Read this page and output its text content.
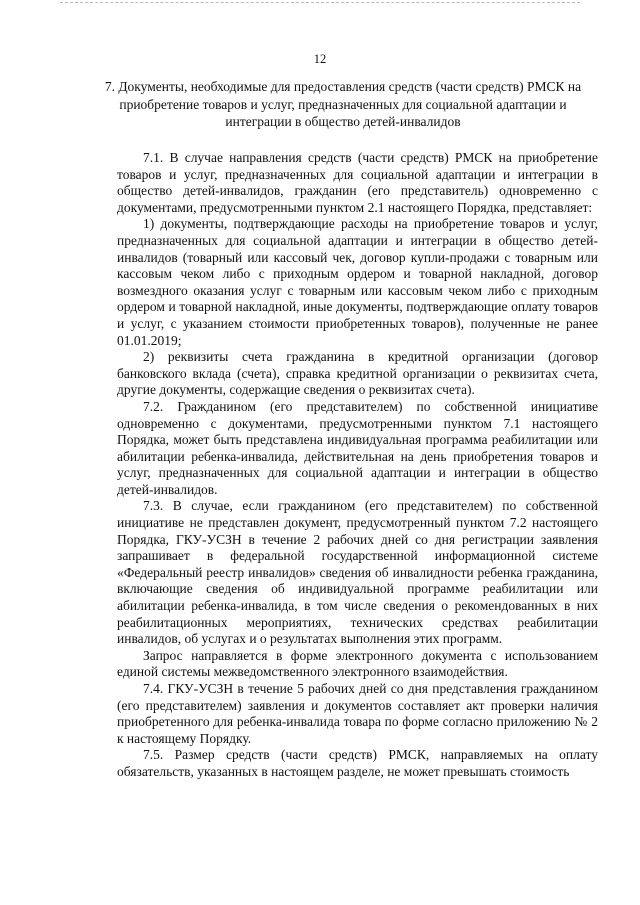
12
7. Документы, необходимые для предоставления средств (части средств) РМСК на приобретение товаров и услуг, предназначенных для социальной адаптации и интеграции в общество детей-инвалидов

7.1. В случае направления средств (части средств) РМСК на приобретение товаров и услуг, предназначенных для социальной адаптации и интеграции в общество детей-инвалидов, гражданин (его представитель) одновременно с документами, предусмотренными пунктом 2.1 настоящего Порядка, представляет:

1) документы, подтверждающие расходы на приобретение товаров и услуг, предназначенных для социальной адаптации и интеграции в общество детей-инвалидов (товарный или кассовый чек, договор купли-продажи с товарным или кассовым чеком либо с приходным ордером и товарной накладной, договор возмездного оказания услуг с товарным или кассовым чеком либо с приходным ордером и товарной накладной, иные документы, подтверждающие оплату товаров и услуг, с указанием стоимости приобретенных товаров), полученные не ранее 01.01.2019;

2) реквизиты счета гражданина в кредитной организации (договор банковского вклада (счета), справка кредитной организации о реквизитах счета, другие документы, содержащие сведения о реквизитах счета).

7.2. Гражданином (его представителем) по собственной инициативе одновременно с документами, предусмотренными пунктом 7.1 настоящего Порядка, может быть представлена индивидуальная программа реабилитации или абилитации ребенка-инвалида, действительная на день приобретения товаров и услуг, предназначенных для социальной адаптации и интеграции в общество детей-инвалидов.

7.3. В случае, если гражданином (его представителем) по собственной инициативе не представлен документ, предусмотренный пунктом 7.2 настоящего Порядка, ГКУ-УСЗН в течение 2 рабочих дней со дня регистрации заявления запрашивает в федеральной государственной информационной системе «Федеральный реестр инвалидов» сведения об инвалидности ребенка гражданина, включающие сведения об индивидуальной программе реабилитации или абилитации ребенка-инвалида, в том числе сведения о рекомендованных в них реабилитационных мероприятиях, технических средствах реабилитации инвалидов, об услугах и о результатах выполнения этих программ.

Запрос направляется в форме электронного документа с использованием единой системы межведомственного электронного взаимодействия.

7.4. ГКУ-УСЗН в течение 5 рабочих дней со дня представления гражданином (его представителем) заявления и документов составляет акт проверки наличия приобретенного для ребенка-инвалида товара по форме согласно приложению № 2 к настоящему Порядку.

7.5. Размер средств (части средств) РМСК, направляемых на оплату обязательств, указанных в настоящем разделе, не может превышать стоимость
